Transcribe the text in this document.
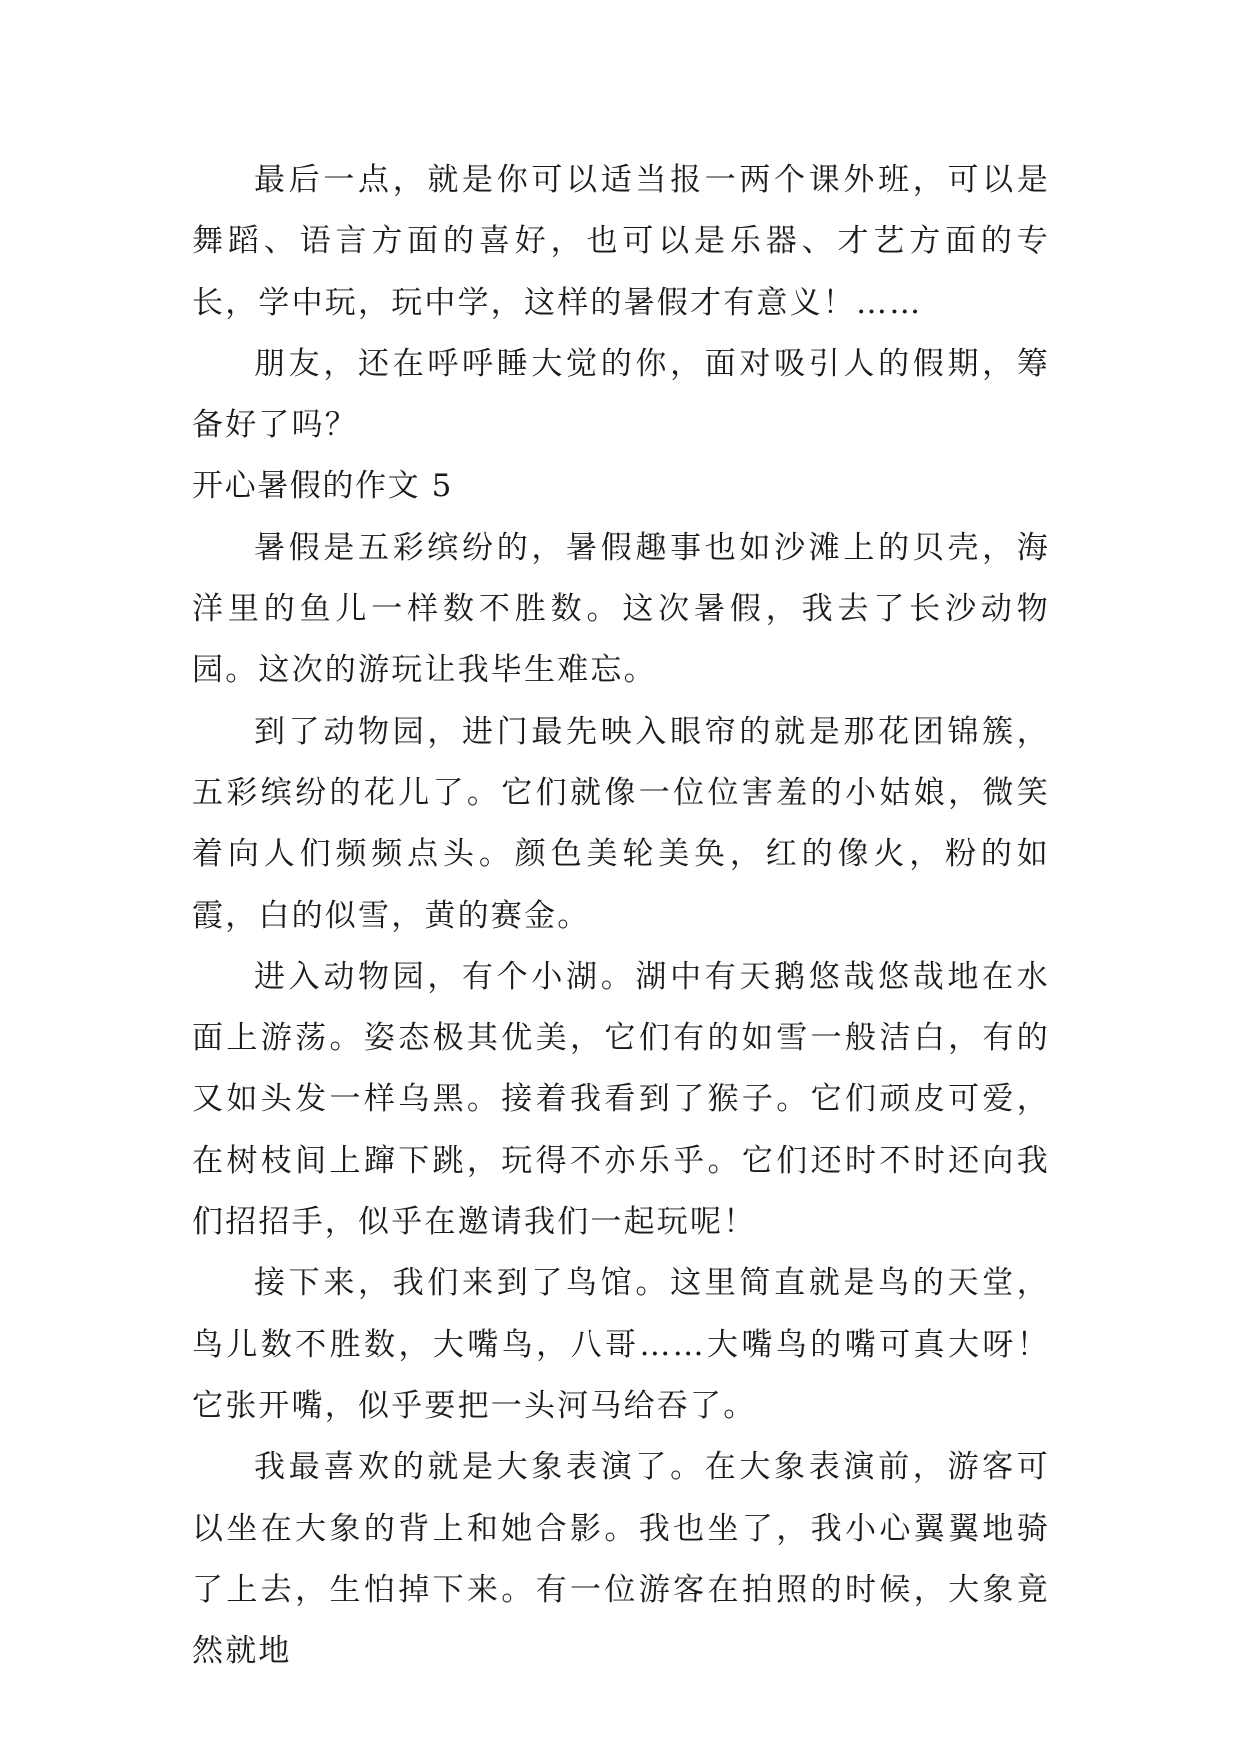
最后一点，就是你可以适当报一两个课外班，可以是舞蹈、语言方面的喜好，也可以是乐器、才艺方面的专长，学中玩，玩中学，这样的暑假才有意义！……

朋友，还在呼呼睡大觉的你，面对吸引人的假期，筹备好了吗？

开心暑假的作文 5

暑假是五彩缤纷的，暑假趣事也如沙滩上的贝壳，海洋里的鱼儿一样数不胜数。这次暑假，我去了长沙动物园。这次的游玩让我毕生难忘。

到了动物园，进门最先映入眼帘的就是那花团锦簇，五彩缤纷的花儿了。它们就像一位位害羞的小姑娘，微笑着向人们频频点头。颜色美轮美奂，红的像火，粉的如霞，白的似雪，黄的赛金。

进入动物园，有个小湖。湖中有天鹅悠哉悠哉地在水面上游荡。姿态极其优美，它们有的如雪一般洁白，有的又如头发一样乌黑。接着我看到了猴子。它们顽皮可爱，在树枝间上蹿下跳，玩得不亦乐乎。它们还时不时还向我们招招手，似乎在邀请我们一起玩呢！

接下来，我们来到了鸟馆。这里简直就是鸟的天堂，鸟儿数不胜数，大嘴鸟，八哥……大嘴鸟的嘴可真大呀！它张开嘴，似乎要把一头河马给吞了。

我最喜欢的就是大象表演了。在大象表演前，游客可以坐在大象的背上和她合影。我也坐了，我小心翼翼地骑了上去，生怕掉下来。有一位游客在拍照的时候，大象竟然就地
